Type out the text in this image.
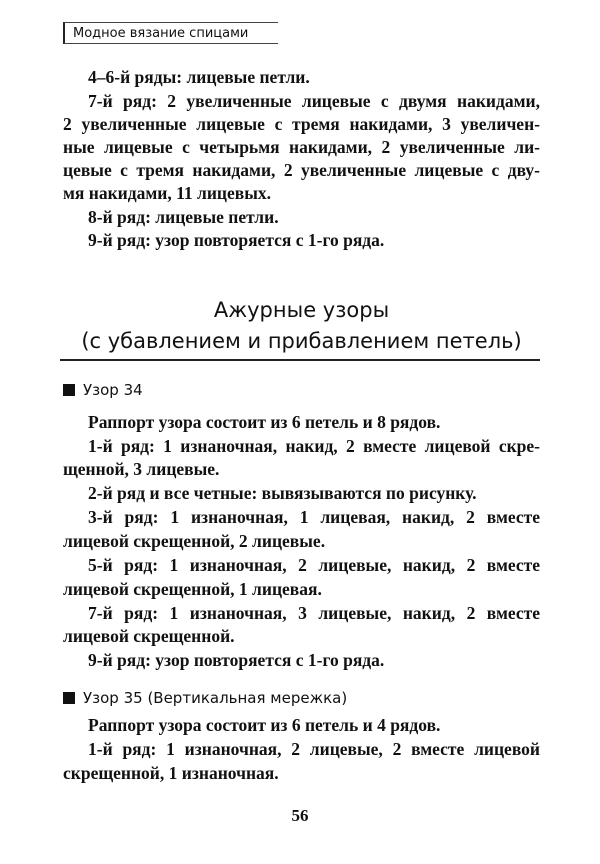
Модное вязание спицами
4–6-й ряды: лицевые петли.
7-й ряд: 2 увеличенные лицевые с двумя накидами,
2 увеличенные лицевые с тремя накидами, 3 увеличен-
ные лицевые с четырьмя накидами, 2 увеличенные ли-
цевые с тремя накидами, 2 увеличенные лицевые с дву-
мя накидами, 11 лицевых.
8-й ряд: лицевые петли.
9-й ряд: узор повторяется с 1-го ряда.
Ажурные узоры
(с убавлением и прибавлением петель)
Узор 34
Раппорт узора состоит из 6 петель и 8 рядов.
1-й ряд: 1 изнаночная, накид, 2 вместе лицевой скре-
щенной, 3 лицевые.
2-й ряд и все четные: вывязываются по рисунку.
3-й ряд: 1 изнаночная, 1 лицевая, накид, 2 вместе
лицевой скрещенной, 2 лицевые.
5-й ряд: 1 изнаночная, 2 лицевые, накид, 2 вместе
лицевой скрещенной, 1 лицевая.
7-й ряд: 1 изнаночная, 3 лицевые, накид, 2 вместе
лицевой скрещенной.
9-й ряд: узор повторяется с 1-го ряда.
Узор 35 (Вертикальная мережка)
Раппорт узора состоит из 6 петель и 4 рядов.
1-й ряд: 1 изнаночная, 2 лицевые, 2 вместе лицевой
скрещенной, 1 изнаночная.
56
